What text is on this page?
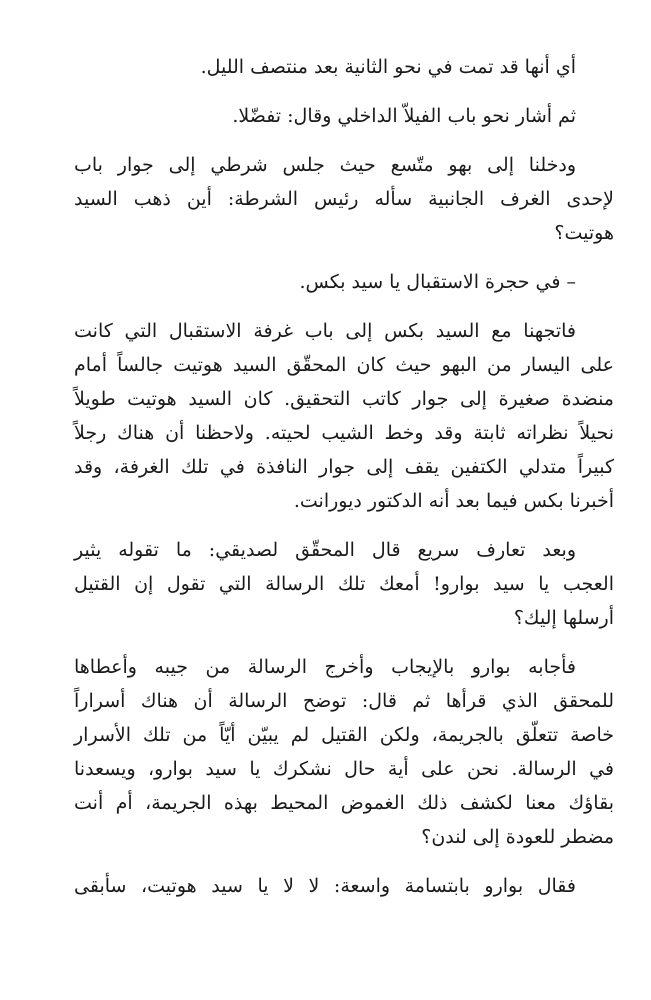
أي أنها قد تمت في نحو الثانية بعد منتصف الليل.

ثم أشار نحو باب الفيلاّ الداخلي وقال: تفضّلا.

ودخلنا إلى بهو متّسع حيث جلس شرطي إلى جوار باب
لإحدى الغرف الجانبية سأله رئيس الشرطة: أين ذهب السيد
هوتيت؟

– في حجرة الاستقبال يا سيد بكس.

فاتجهنا مع السيد بكس إلى باب غرفة الاستقبال التي كانت
على اليسار من البهو حيث كان المحقّق السيد هوتيت جالساً أمام
منضدة صغيرة إلى جوار كاتب التحقيق. كان السيد هوتيت طويلاً
نحيلاً نظراته ثابتة وقد وخط الشيب لحيته. ولاحظنا أن هناك رجلاً
كبيراً متدلي الكتفين يقف إلى جوار النافذة في تلك الغرفة، وقد
أخبرنا بكس فيما بعد أنه الدكتور ديورانت.

وبعد تعارف سريع قال المحقّق لصديقي: ما تقوله يثير
العجب يا سيد بوارو! أمعك تلك الرسالة التي تقول إن القتيل
أرسلها إليك؟

فأجابه بوارو بالإيجاب وأخرج الرسالة من جيبه وأعطاها
للمحقق الذي قرأها ثم قال: توضح الرسالة أن هناك أسراراً
خاصة تتعلّق بالجريمة، ولكن القتيل لم يبيّن أيّاً من تلك الأسرار
في الرسالة. نحن على أية حال نشكرك يا سيد بوارو، ويسعدنا
بقاؤك معنا لكشف ذلك الغموض المحيط بهذه الجريمة، أم أنت
مضطر للعودة إلى لندن؟

فقال بوارو بابتسامة واسعة: لا لا يا سيد هوتيت، سأبقى
